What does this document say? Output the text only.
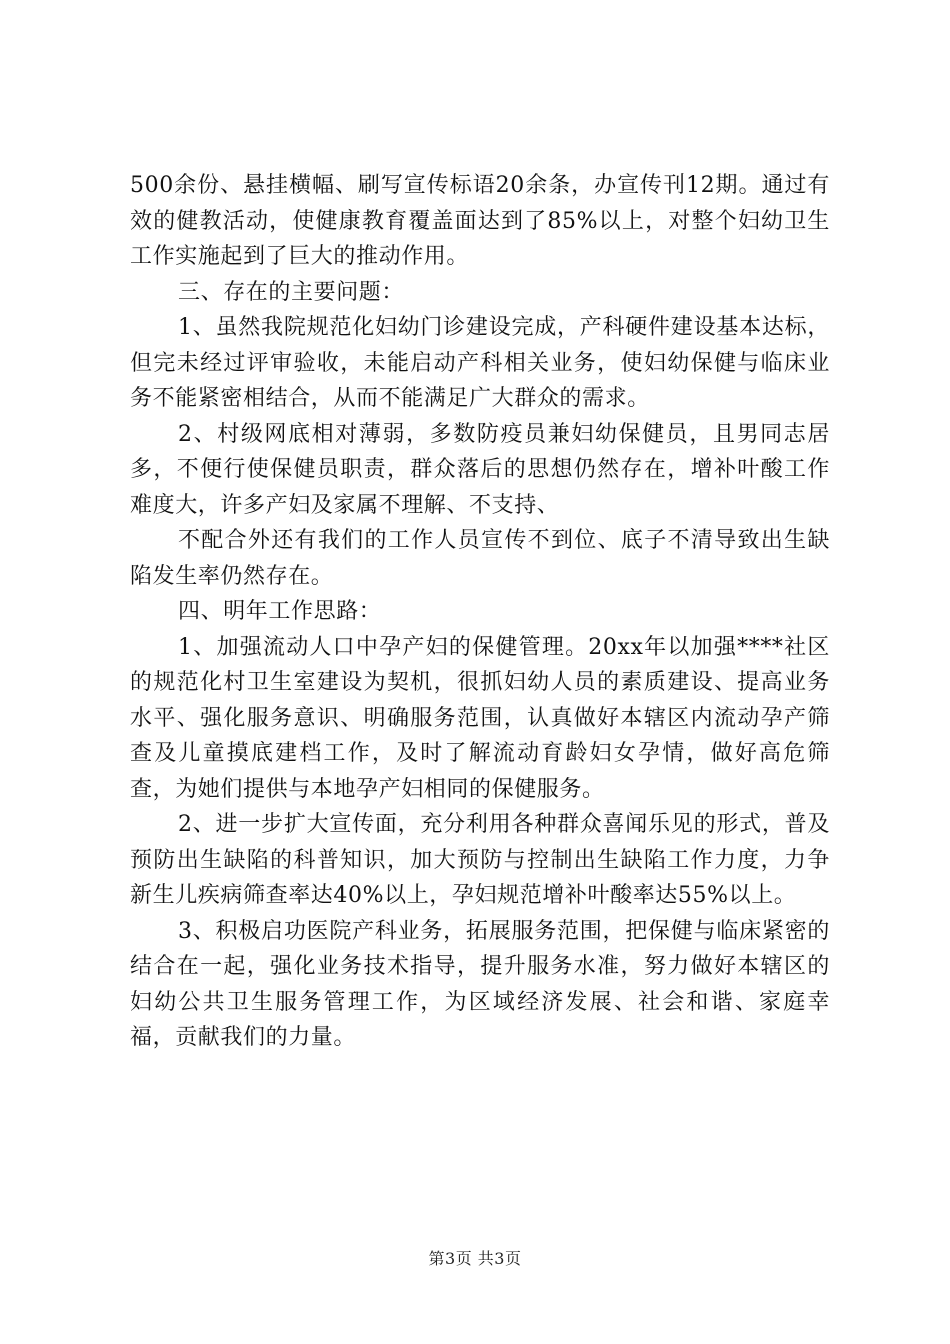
500余份、悬挂横幅、刷写宣传标语20余条，办宣传刊12期。通过有效的健教活动，使健康教育覆盖面达到了85%以上，对整个妇幼卫生工作实施起到了巨大的推动作用。

三、存在的主要问题：

1、虽然我院规范化妇幼门诊建设完成，产科硬件建设基本达标，但完未经过评审验收，未能启动产科相关业务，使妇幼保健与临床业务不能紧密相结合，从而不能满足广大群众的需求。

2、村级网底相对薄弱，多数防疫员兼妇幼保健员，且男同志居多，不便行使保健员职责，群众落后的思想仍然存在，增补叶酸工作难度大，许多产妇及家属不理解、不支持、

不配合外还有我们的工作人员宣传不到位、底子不清导致出生缺陷发生率仍然存在。

四、明年工作思路：

1、加强流动人口中孕产妇的保健管理。20xx年以加强****社区的规范化村卫生室建设为契机，很抓妇幼人员的素质建设、提高业务水平、强化服务意识、明确服务范围，认真做好本辖区内流动孕产筛查及儿童摸底建档工作，及时了解流动育龄妇女孕情，做好高危筛查，为她们提供与本地孕产妇相同的保健服务。

2、进一步扩大宣传面，充分利用各种群众喜闻乐见的形式，普及预防出生缺陷的科普知识，加大预防与控制出生缺陷工作力度，力争新生儿疾病筛查率达40%以上，孕妇规范增补叶酸率达55%以上。

3、积极启功医院产科业务，拓展服务范围，把保健与临床紧密的结合在一起，强化业务技术指导，提升服务水准，努力做好本辖区的妇幼公共卫生服务管理工作，为区域经济发展、社会和谐、家庭幸福，贡献我们的力量。

第3页 共3页
